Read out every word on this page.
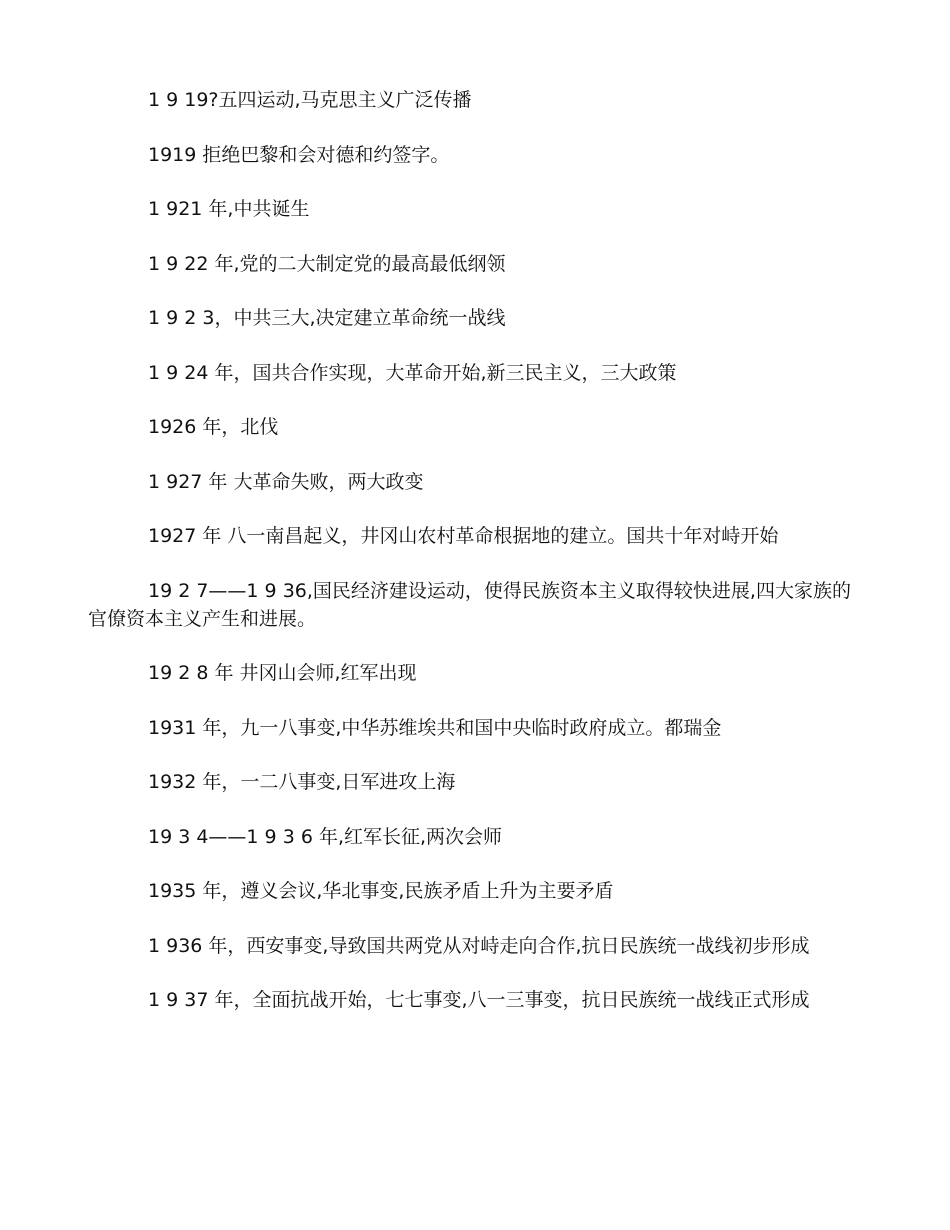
1 9 19?五四运动,马克思主义广泛传播

1919 拒绝巴黎和会对德和约签字。

1 921 年,中共诞生

1 9 22 年,党的二大制定党的最高最低纲领

1 9 2 3，中共三大,决定建立革命统一战线

1 9 24 年，国共合作实现，大革命开始,新三民主义，三大政策

1926 年，北伐

1 927 年 大革命失败，两大政变

1927 年 八一南昌起义，井冈山农村革命根据地的建立。国共十年对峙开始

19 2 7——1 9 36,国民经济建设运动，使得民族资本主义取得较快进展,四大家族的官僚资本主义产生和进展。

19 2 8 年 井冈山会师,红军出现

1931 年，九一八事变,中华苏维埃共和国中央临时政府成立。都瑞金

1932 年，一二八事变,日军进攻上海

19 3 4——1 9 3 6 年,红军长征,两次会师

1935 年，遵义会议,华北事变,民族矛盾上升为主要矛盾

1 936 年，西安事变,导致国共两党从对峙走向合作,抗日民族统一战线初步形成

1 9 37 年，全面抗战开始，七七事变,八一三事变，抗日民族统一战线正式形成
